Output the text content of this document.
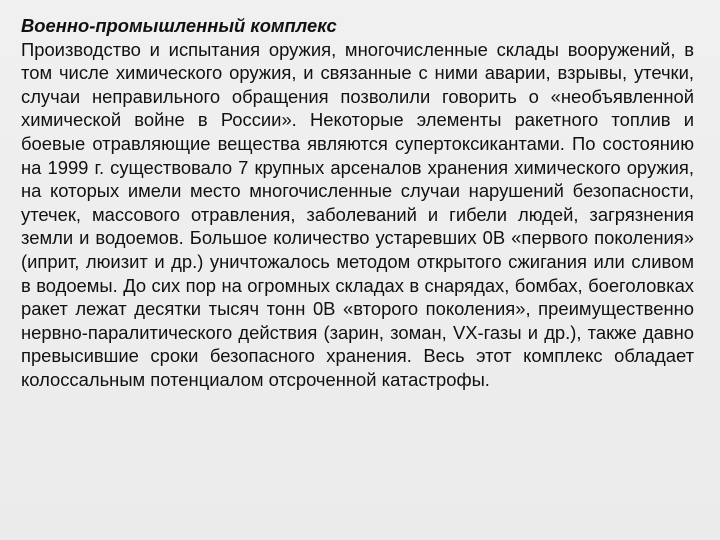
Военно-промышленный комплекс

Производство и испытания оружия, многочисленные склады вооружений, в том числе химического оружия, и связанные с ними аварии, взрывы, утечки, случаи неправильного обращения позволили говорить о «необъявленной химической войне в России». Некоторые элементы ракетного топлив и боевые отравляющие вещества являются супертоксикантами. По состоянию на 1999 г. существовало 7 крупных арсеналов хранения химического оружия, на которых имели место многочисленные случаи нарушений безопасности, утечек, массового отравления, заболеваний и гибели людей, загрязнения земли и водоемов. Большое количество устаревших 0В «первого поколения» (иприт, люизит и др.) уничтожалось методом открытого сжигания или сливом в водоемы. До сих пор на огромных складах в снарядах, бомбах, боеголовках ракет лежат десятки тысяч тонн 0В «второго поколения», преимущественно нервно-паралитического действия (зарин, зоман, VX-газы и др.), также давно превысившие сроки безопасного хранения. Весь этот комплекс обладает колоссальным потенциалом отсроченной катастрофы.
